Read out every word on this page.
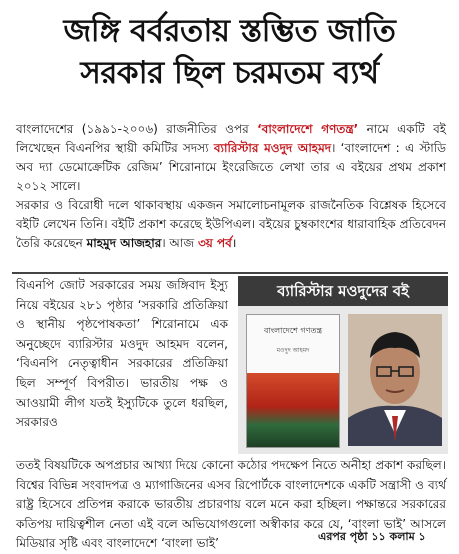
জঙ্গি বর্বরতায় স্তম্ভিত জাতি
সরকার ছিল চরমতম ব্যর্থ
বাংলাদেশের (১৯৯১-২০০৬) রাজনীতির ওপর ‘বাংলাদেশে গণতন্ত্র’ নামে একটি বই লিখেছেন বিএনপির স্থায়ী কমিটির সদস্য ব্যারিস্টার মওদুদ আহমদ। ‘বাংলাদেশ : এ স্টাডি অব দ্যা ডেমোক্রেটিক রেজিম’ শিরোনামে ইংরেজিতে লেখা তার এ বইয়ের প্রথম প্রকাশ ২০১২ সালে।
সরকার ও বিরোধী দলে থাকাবস্থায় একজন সমালোচনামূলক রাজনৈতিক বিশ্লেষক হিসেবে বইটি লেখেন তিনি। বইটি প্রকাশ করেছে ইউপিএল। বইয়ের চুম্বকাংশের ধারাবাহিক প্রতিবেদন তৈরি করেছেন মাহমুদ আজহার। আজ ৩য় পর্ব।
বিএনপি জোট সরকারের সময় জঙ্গিবাদ ইস্যু নিয়ে বইয়ের ২৮১ পৃষ্ঠার ‘সরকারি প্রতিক্রিয়া ও স্থানীয় পৃষ্ঠপোষকতা’ শিরোনামে এক অনুচ্ছেদে ব্যারিস্টার মওদুদ আহমদ বলেন, ‘বিএনপি নেতৃত্বাধীন সরকারের প্রতিক্রিয়া ছিল সম্পূর্ণ বিপরীত। ভারতীয় পক্ষ ও আওয়ামী লীগ যতই ইস্যুটিকে তুলে ধরছিল, সরকারও
ব্যারিস্টার মওদুদের বই
বাংলাদেশে গণতন্ত্র
মওদুদ আহমদ
ততই বিষয়টিকে অপপ্রচার আখ্যা দিয়ে কোনো কঠোর পদক্ষেপ নিতে অনীহা প্রকাশ করছিল। বিশ্বের বিভিন্ন সংবাদপত্র ও ম্যাগাজিনের এসব রিপোর্টকে বাংলাদেশকে একটি সন্ত্রাসী ও ব্যর্থ রাষ্ট্র হিসেবে প্রতিপন্ন করাকে ভারতীয় প্রচারণায় বলে মনে করা হচ্ছিল। পক্ষান্তরে সরকারের কতিপয় দায়িত্বশীল নেতা এই বলে অভিযোগগুলো অস্বীকার করে যে, ‘বাংলা ভাই’ আসলে মিডিয়ার সৃষ্টি এবং বাংলাদেশে ‘বাংলা ভাই’	এরপর পৃষ্ঠা ১১ কলাম ১
